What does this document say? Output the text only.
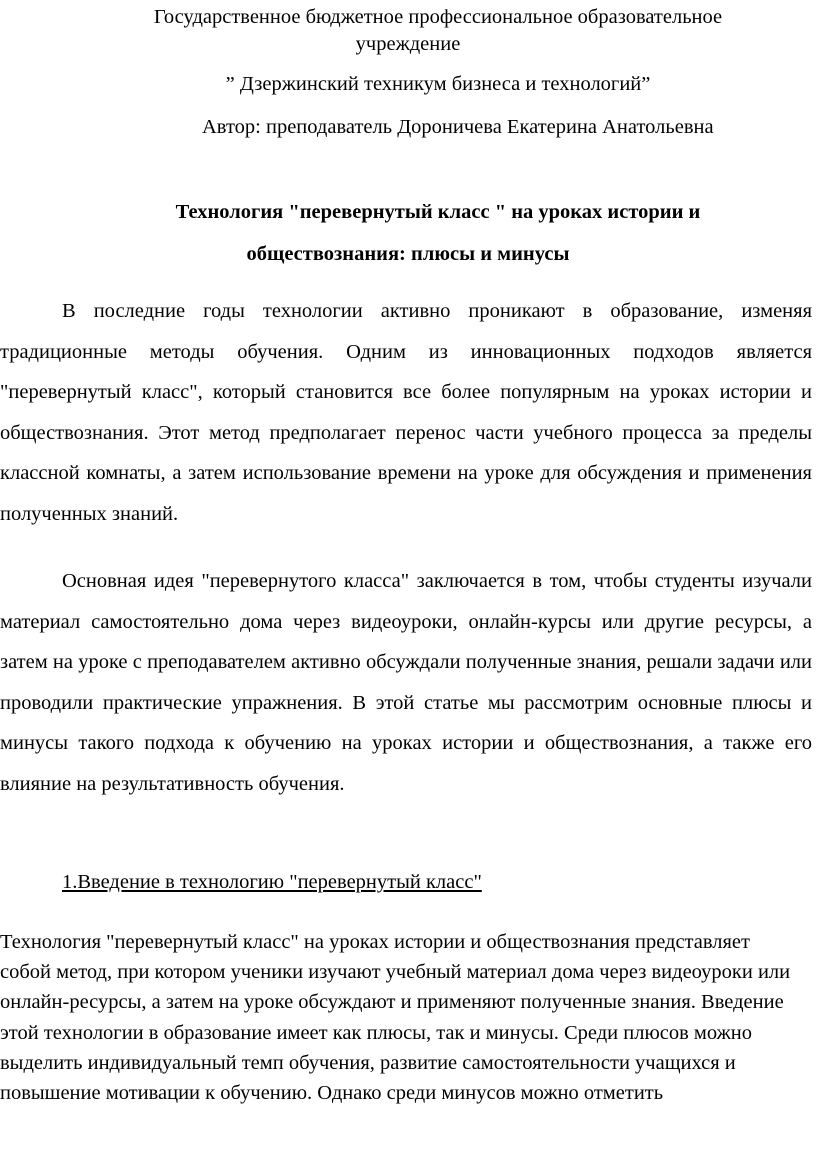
Государственное бюджетное профессиональное образовательное
учреждение
” Дзержинский техникум бизнеса и технологий”
Автор: преподаватель Дороничева Екатерина Анатольевна
Технология "перевернутый класс " на уроках истории и
обществознания: плюсы и минусы
В последние годы технологии активно проникают в образование, изменяя традиционные методы обучения. Одним из инновационных подходов является "перевернутый класс", который становится все более популярным на уроках истории и обществознания. Этот метод предполагает перенос части учебного процесса за пределы классной комнаты, а затем использование времени на уроке для обсуждения и применения полученных знаний.
Основная идея "перевернутого класса" заключается в том, чтобы студенты изучали материал самостоятельно дома через видеоуроки, онлайн-курсы или другие ресурсы, а затем на уроке с преподавателем активно обсуждали полученные знания, решали задачи или проводили практические упражнения. В этой статье мы рассмотрим основные плюсы и минусы такого подхода к обучению на уроках истории и обществознания, а также его влияние на результативность обучения.
1.Введение в технологию "перевернутый класс"
Технология "перевернутый класс" на уроках истории и обществознания представляет собой метод, при котором ученики изучают учебный материал дома через видеоуроки или онлайн-ресурсы, а затем на уроке обсуждают и применяют полученные знания. Введение этой технологии в образование имеет как плюсы, так и минусы. Среди плюсов можно выделить индивидуальный темп обучения, развитие самостоятельности учащихся и повышение мотивации к обучению. Однако среди минусов можно отметить
